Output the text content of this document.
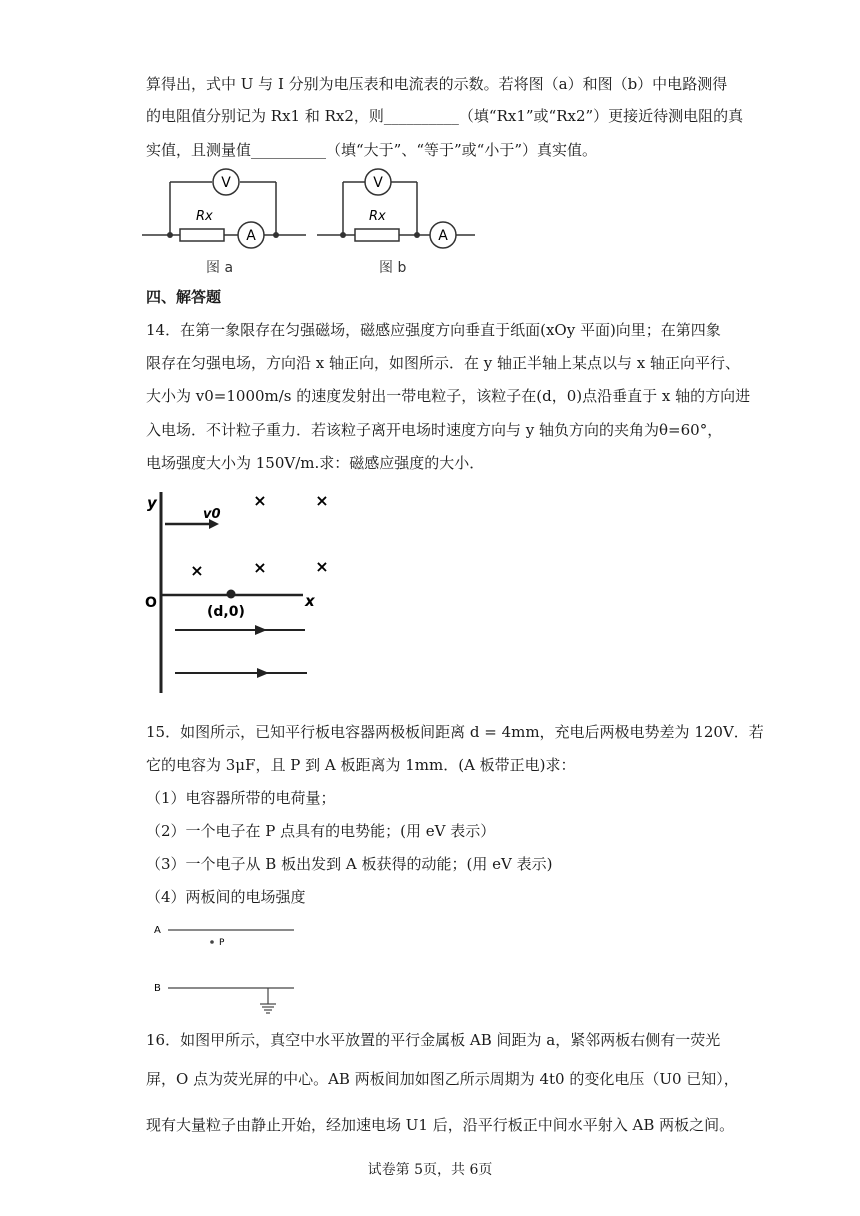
算得出，式中 U 与 I 分别为电压表和电流表的示数。若将图（a）和图（b）中电路测得
的电阻值分别记为 Rx1 和 Rx2，则__________（填“Rx1”或“Rx2”）更接近待测电阻的真
实值，且测量值__________（填“大于”、“等于”或“小于”）真实值。
V
Rx
A
图 a
V
Rx
A
图 b
四、解答题
14．在第一象限存在匀强磁场，磁感应强度方向垂直于纸面(xOy 平面)向里；在第四象
限存在匀强电场，方向沿 x 轴正向，如图所示．在 y 轴正半轴上某点以与 x 轴正向平行、
大小为 v0=1000m/s 的速度发射出一带电粒子，该粒子在(d，0)点沿垂直于 x 轴的方向进
入电场．不计粒子重力．若该粒子离开电场时速度方向与 y 轴负方向的夹角为θ=60°，
电场强度大小为 150V/m.求：磁感应强度的大小．
y
x
O
v0
×	×
×	×	×
(d,0)
15．如图所示，已知平行板电容器两极板间距离 d = 4mm，充电后两极电势差为 120V．若
它的电容为 3μF，且 P 到 A 板距离为 1mm．(A 板带正电)求：
（1）电容器所带的电荷量；
（2）一个电子在 P 点具有的电势能；(用 eV 表示）
（3）一个电子从 B 板出发到 A 板获得的动能；(用 eV 表示)
（4）两板间的电场强度
A
P
B
16．如图甲所示，真空中水平放置的平行金属板 AB 间距为 a，紧邻两板右侧有一荧光
屏，O 点为荧光屏的中心。AB 两板间加如图乙所示周期为 4t0 的变化电压（U0 已知），
现有大量粒子由静止开始，经加速电场 U1 后，沿平行板正中间水平射入 AB 两板之间。
试卷第 5页，共 6页
